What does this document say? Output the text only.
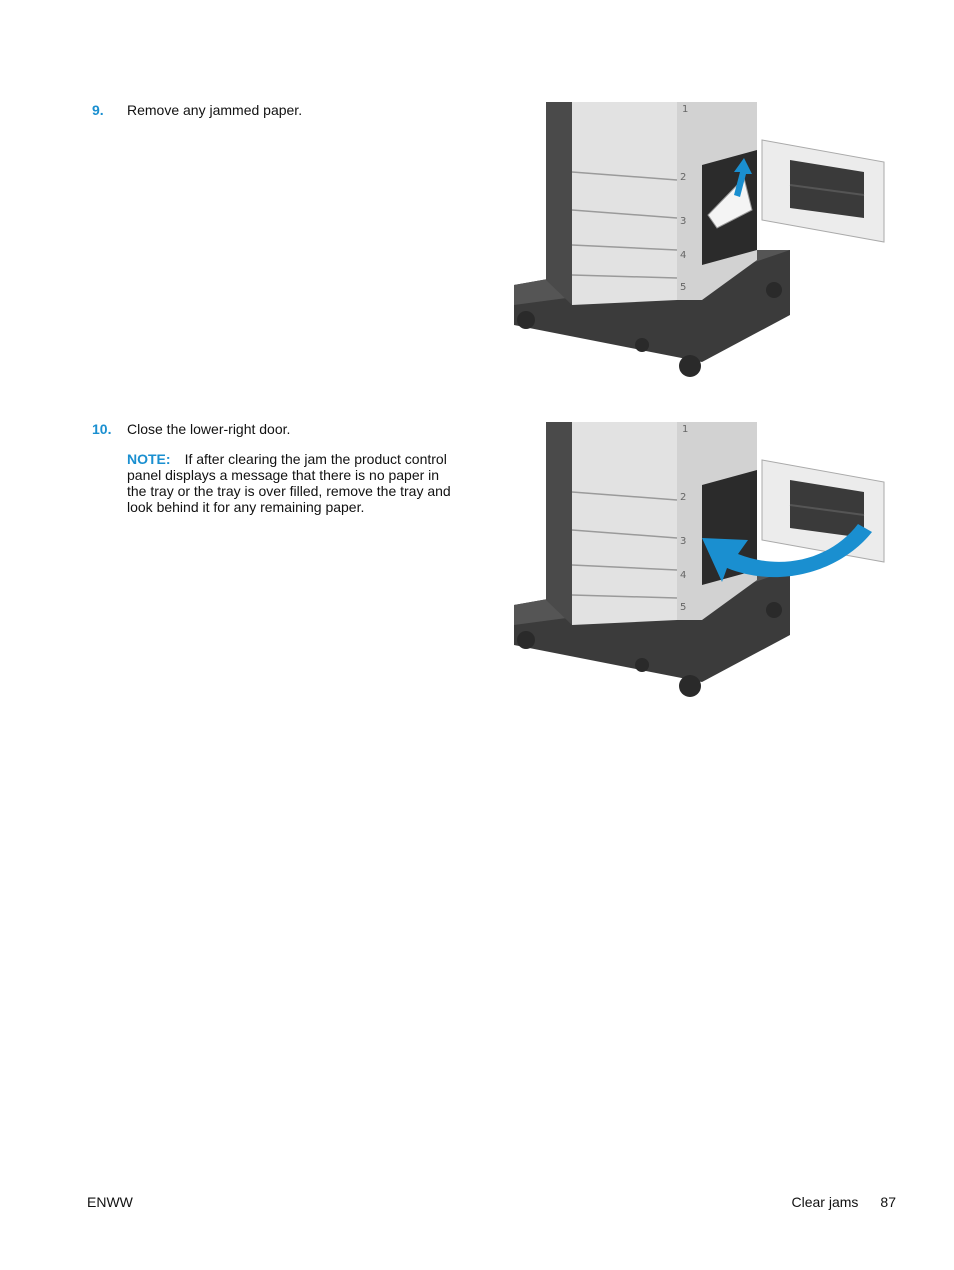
9.	Remove any jammed paper.	1
2
3
4
5
10.	Close the lower-right door.
NOTE: If after clearing the jam the product control panel displays a message that there is no paper in the tray or the tray is over filled, remove the tray and look behind it for any remaining paper.
1
2
3
4
5
ENWW	Clear jams 87
